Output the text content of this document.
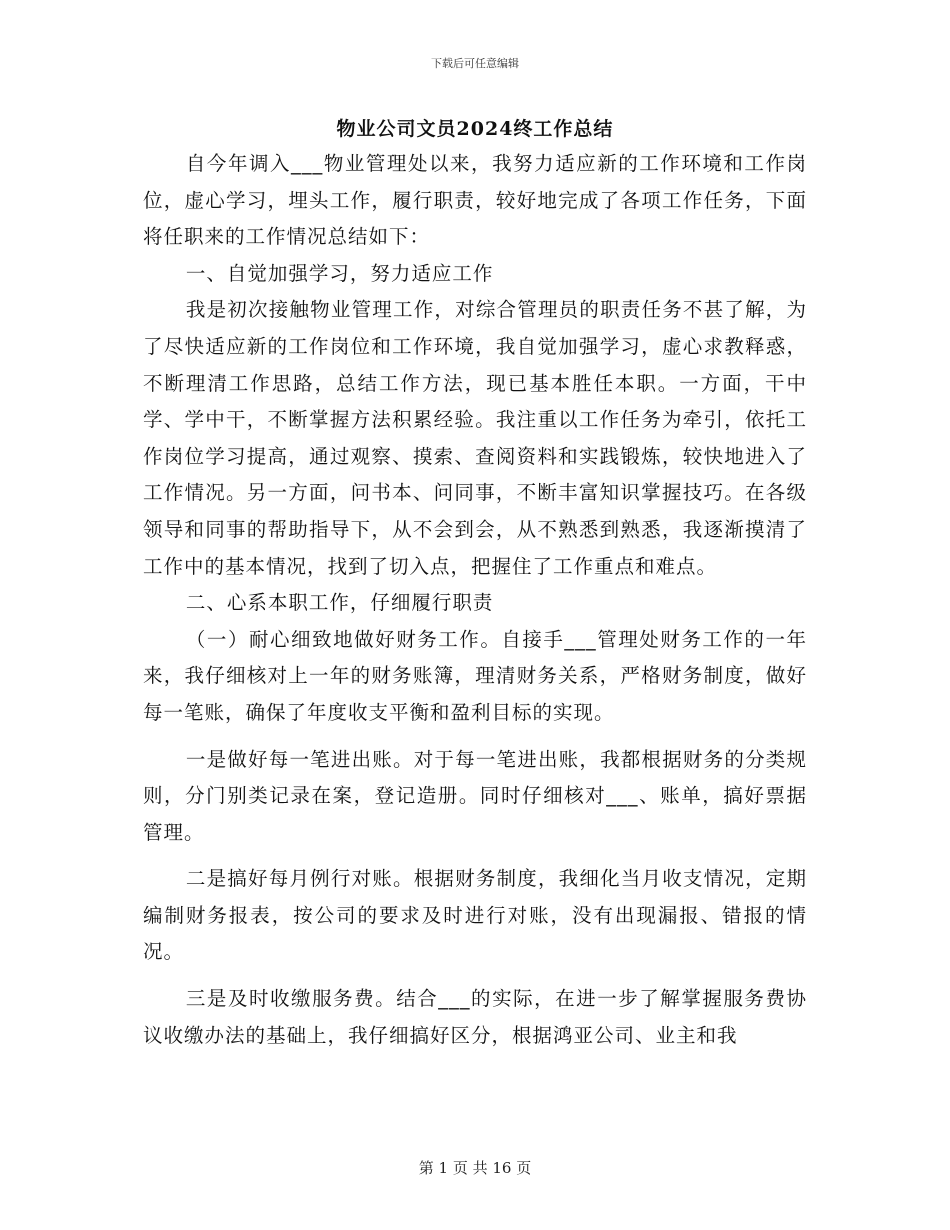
下载后可任意编辑
物业公司文员2024终工作总结

自今年调入___物业管理处以来，我努力适应新的工作环境和工作岗位，虚心学习，埋头工作，履行职责，较好地完成了各项工作任务，下面将任职来的工作情况总结如下：

一、自觉加强学习，努力适应工作

我是初次接触物业管理工作，对综合管理员的职责任务不甚了解，为了尽快适应新的工作岗位和工作环境，我自觉加强学习，虚心求教释惑，不断理清工作思路，总结工作方法，现已基本胜任本职。一方面，干中学、学中干，不断掌握方法积累经验。我注重以工作任务为牵引，依托工作岗位学习提高，通过观察、摸索、查阅资料和实践锻炼，较快地进入了工作情况。另一方面，问书本、问同事，不断丰富知识掌握技巧。在各级领导和同事的帮助指导下，从不会到会，从不熟悉到熟悉，我逐渐摸清了工作中的基本情况，找到了切入点，把握住了工作重点和难点。

二、心系本职工作，仔细履行职责

（一）耐心细致地做好财务工作。自接手___管理处财务工作的一年来，我仔细核对上一年的财务账簿，理清财务关系，严格财务制度，做好每一笔账，确保了年度收支平衡和盈利目标的实现。

一是做好每一笔进出账。对于每一笔进出账，我都根据财务的分类规则，分门别类记录在案，登记造册。同时仔细核对___、账单，搞好票据管理。

二是搞好每月例行对账。根据财务制度，我细化当月收支情况，定期编制财务报表，按公司的要求及时进行对账，没有出现漏报、错报的情况。

三是及时收缴服务费。结合___的实际，在进一步了解掌握服务费协议收缴办法的基础上，我仔细搞好区分，根据鸿亚公司、业主和我

第 1 页 共 16 页
